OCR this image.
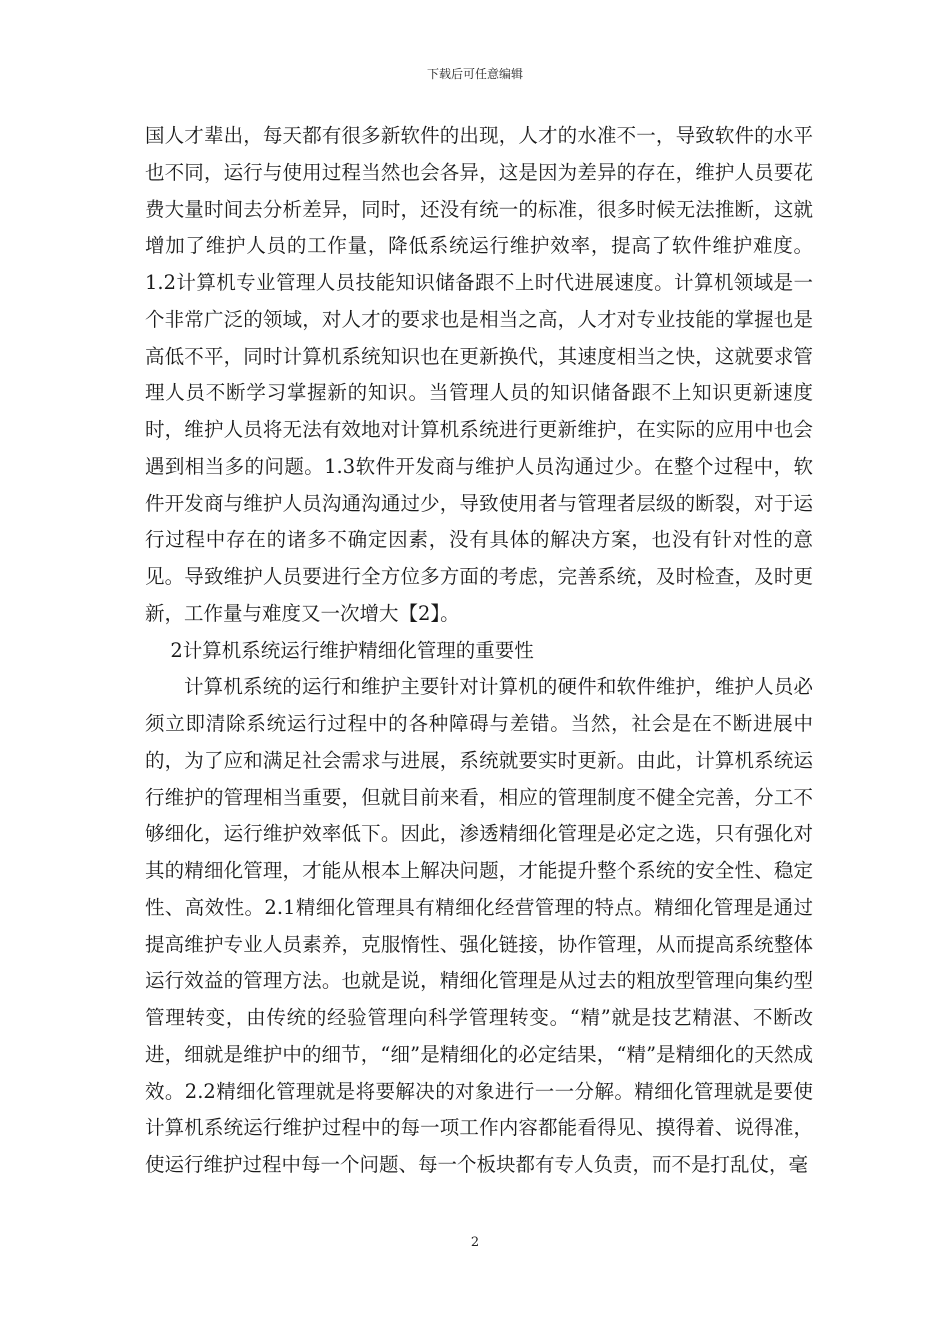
下载后可任意编辑

国人才辈出，每天都有很多新软件的出现，人才的水准不一，导致软件的水平也不同，运行与使用过程当然也会各异，这是因为差异的存在，维护人员要花费大量时间去分析差异，同时，还没有统一的标准，很多时候无法推断，这就增加了维护人员的工作量，降低系统运行维护效率，提高了软件维护难度。1.2计算机专业管理人员技能知识储备跟不上时代进展速度。计算机领域是一个非常广泛的领域，对人才的要求也是相当之高，人才对专业技能的掌握也是高低不平，同时计算机系统知识也在更新换代，其速度相当之快，这就要求管理人员不断学习掌握新的知识。当管理人员的知识储备跟不上知识更新速度时，维护人员将无法有效地对计算机系统进行更新维护，在实际的应用中也会遇到相当多的问题。1.3软件开发商与维护人员沟通过少。在整个过程中，软件开发商与维护人员沟通沟通过少，导致使用者与管理者层级的断裂，对于运行过程中存在的诸多不确定因素，没有具体的解决方案，也没有针对性的意见。导致维护人员要进行全方位多方面的考虑，完善系统，及时检查，及时更新，工作量与难度又一次增大【2】。

2计算机系统运行维护精细化管理的重要性

计算机系统的运行和维护主要针对计算机的硬件和软件维护，维护人员必须立即清除系统运行过程中的各种障碍与差错。当然，社会是在不断进展中的，为了应和满足社会需求与进展，系统就要实时更新。由此，计算机系统运行维护的管理相当重要，但就目前来看，相应的管理制度不健全完善，分工不够细化，运行维护效率低下。因此，渗透精细化管理是必定之选，只有强化对其的精细化管理，才能从根本上解决问题，才能提升整个系统的安全性、稳定性、高效性。2.1精细化管理具有精细化经营管理的特点。精细化管理是通过提高维护专业人员素养，克服惰性、强化链接，协作管理，从而提高系统整体运行效益的管理方法。也就是说，精细化管理是从过去的粗放型管理向集约型管理转变，由传统的经验管理向科学管理转变。“精”就是技艺精湛、不断改进，细就是维护中的细节，“细”是精细化的必定结果，“精”是精细化的天然成效。2.2精细化管理就是将要解决的对象进行一一分解。精细化管理就是要使计算机系统运行维护过程中的每一项工作内容都能看得见、摸得着、说得准，使运行维护过程中每一个问题、每一个板块都有专人负责，而不是打乱仗，毫

2
